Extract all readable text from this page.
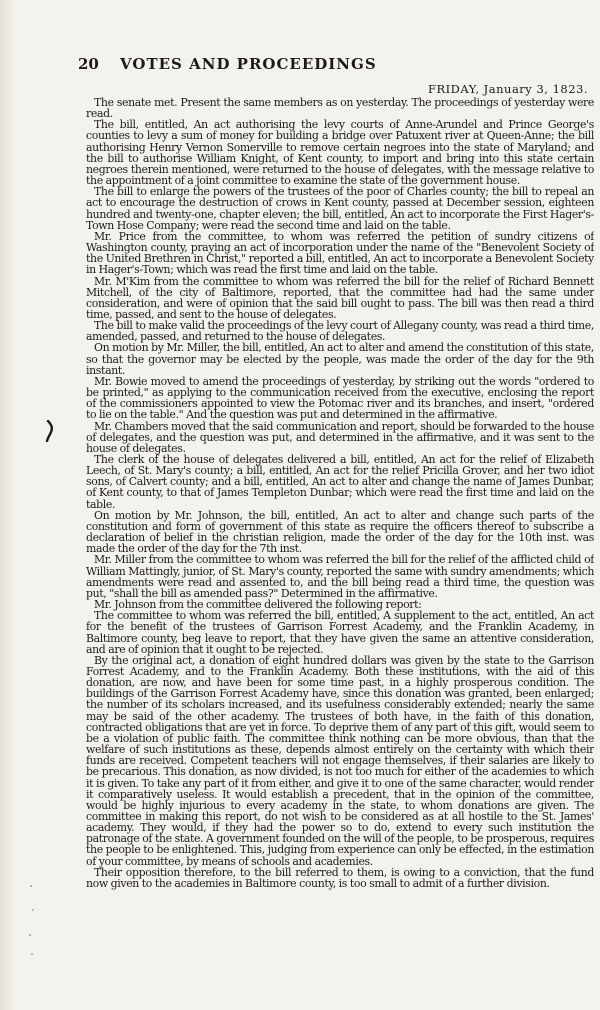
20	VOTES AND PROCEEDINGS
FRIDAY, January 3, 1823.

The senate met. Present the same members as on yesterday. The proceedings of yesterday were read.

The bill, entitled, An act authorising the levy courts of Anne-Arundel and Prince George's counties to levy a sum of money for building a bridge over Patuxent river at Queen-Anne; the bill authorising Henry Vernon Somerville to remove certain negroes into the state of Maryland; and the bill to authorise William Knight, of Kent county, to import and bring into this state certain negroes therein mentioned, were returned to the house of delegates, with the message relative to the appointment of a joint committee to examine the state of the government house.

The bill to enlarge the powers of the trustees of the poor of Charles county; the bill to repeal an act to encourage the destruction of crows in Kent county, passed at December session, eighteen hundred and twenty-one, chapter eleven; the bill, entitled, An act to incorporate the First Hager's-Town Hose Company; were read the second time and laid on the table.

Mr. Price from the committee, to whom was referred the petition of sundry citizens of Washington county, praying an act of incorporation under the name of the "Benevolent Society of the United Brethren in Christ," reported a bill, entitled, An act to incorporate a Benevolent Society in Hager's-Town; which was read the first time and laid on the table.

Mr. M'Kim from the committee to whom was referred the bill for the relief of Richard Bennett Mitchell, of the city of Baltimore, reported, that the committee had had the same under consideration, and were of opinion that the said bill ought to pass. The bill was then read a third time, passed, and sent to the house of delegates.

The bill to make valid the proceedings of the levy court of Allegany county, was read a third time, amended, passed, and returned to the house of delegates.

On motion by Mr. Miller, the bill, entitled, An act to alter and amend the constitution of this state, so that the governor may be elected by the people, was made the order of the day for the 9th instant.

Mr. Bowie moved to amend the proceedings of yesterday, by striking out the words "ordered to be printed," as applying to the communication received from the executive, enclosing the report of the commissioners appointed to view the Potomac river and its branches, and insert, "ordered to lie on the table." And the question was put and determined in the affirmative.

Mr. Chambers moved that the said communication and report, should be forwarded to the house of delegates, and the question was put, and determined in the affirmative, and it was sent to the house of delegates.

The clerk of the house of delegates delivered a bill, entitled, An act for the relief of Elizabeth Leech, of St. Mary's county; a bill, entitled, An act for the relief Pricilla Grover, and her two idiot sons, of Calvert county; and a bill, entitled, An act to alter and change the name of James Dunbar, of Kent county, to that of James Templeton Dunbar; which were read the first time and laid on the table.

On motion by Mr. Johnson, the bill, entitled, An act to alter and change such parts of the constitution and form of government of this state as require the officers thereof to subscribe a declaration of belief in the christian religion, made the order of the day for the 10th inst. was made the order of the day for the 7th inst.

Mr. Miller from the committee to whom was referred the bill for the relief of the afflicted child of William Mattingly, junior, of St. Mary's county, reported the same with sundry amendments; which amendments were read and assented to, and the bill being read a third time, the question was put, "shall the bill as amended pass?" Determined in the affirmative.

Mr. Johnson from the committee delivered the following report:

The committee to whom was referred the bill, entitled, A supplement to the act, entitled, An act for the benefit of the trustees of Garrison Forrest Academy, and the Franklin Academy, in Baltimore county, beg leave to report, that they have given the same an attentive consideration, and are of opinion that it ought to be rejected.

By the original act, a donation of eight hundred dollars was given by the state to the Garrison Forrest Academy, and to the Franklin Academy. Both these institutions, with the aid of this donation, are now, and have been for some time past, in a highly prosperous condition. The buildings of the Garrison Forrest Academy have, since this donation was granted, been enlarged; the number of its scholars increased, and its usefulness considerably extended; nearly the same may be said of the other academy. The trustees of both have, in the faith of this donation, contracted obligations that are yet in force. To deprive them of any part of this gift, would seem to be a violation of public faith. The committee think nothing can be more obvious, than that the welfare of such institutions as these, depends almost entirely on the certainty with which their funds are received. Competent teachers will not engage themselves, if their salaries are likely to be precarious. This donation, as now divided, is not too much for either of the academies to which it is given. To take any part of it from either, and give it to one of the same character, would render it comparatively useless. It would establish a precedent, that in the opinion of the committee, would be highly injurious to every academy in the state, to whom donations are given. The committee in making this report, do not wish to be considered as at all hostile to the St. James' academy. They would, if they had the power so to do, extend to every such institution the patronage of the state. A government founded on the will of the people, to be prosperous, requires the people to be enlightened. This, judging from experience can only be effected, in the estimation of your committee, by means of schools and academies.

Their opposition therefore, to the bill referred to them, is owing to a conviction, that the fund now given to the academies in Baltimore county, is too small to admit of a further division.
